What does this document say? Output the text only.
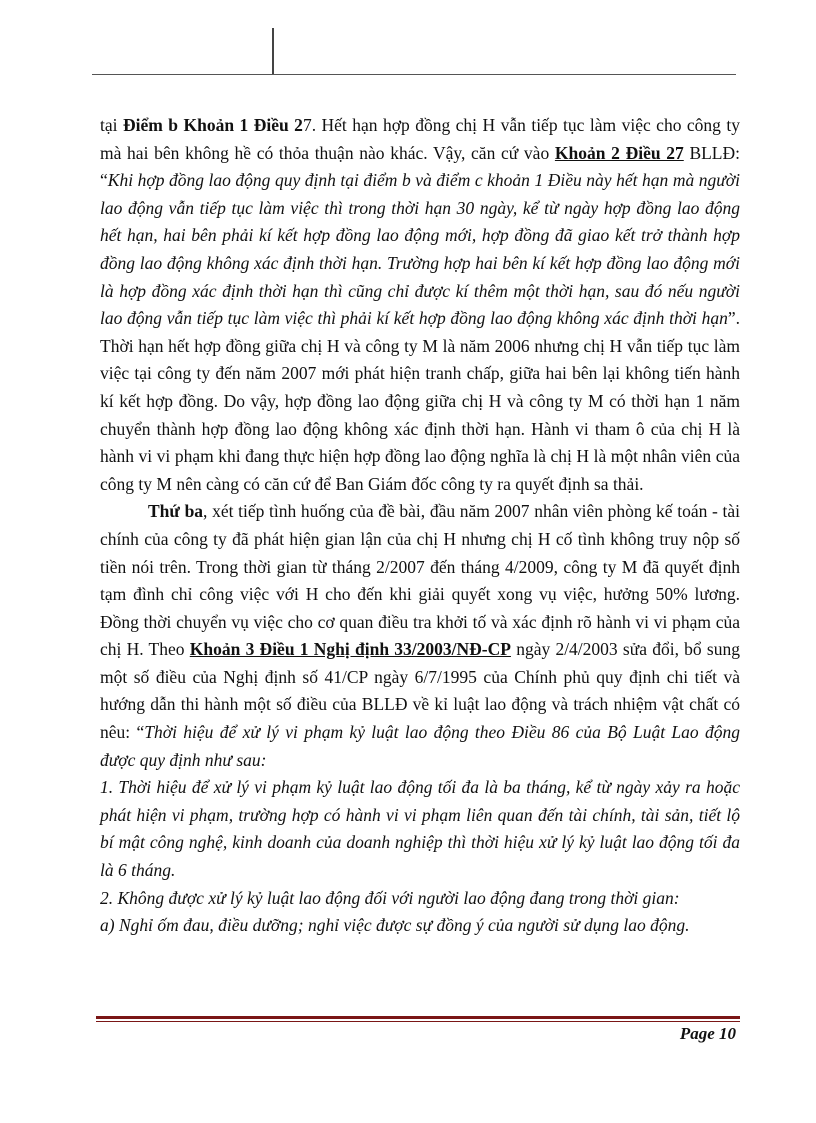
tại Điểm b Khoản 1 Điều 27. Hết hạn hợp đồng chị H vẫn tiếp tục làm việc cho công ty mà hai bên không hề có thỏa thuận nào khác. Vậy, căn cứ vào Khoản 2 Điều 27 BLLĐ: “Khi hợp đồng lao động quy định tại điểm b và điểm c khoản 1 Điều này hết hạn mà người lao động vẫn tiếp tục làm việc thì trong thời hạn 30 ngày, kể từ ngày hợp đồng lao động hết hạn, hai bên phải kí kết hợp đồng lao động mới, hợp đồng đã giao kết trở thành hợp đồng lao động không xác định thời hạn. Trường hợp hai bên kí kết hợp đồng lao động mới là hợp đồng xác định thời hạn thì cũng chỉ được kí thêm một thời hạn, sau đó nếu người lao động vẫn tiếp tục làm việc thì phải kí kết hợp đồng lao động không xác định thời hạn”. Thời hạn hết hợp đồng giữa chị H và công ty M là năm 2006 nhưng chị H vẫn tiếp tục làm việc tại công ty đến năm 2007 mới phát hiện tranh chấp, giữa hai bên lại không tiến hành kí kết hợp đồng. Do vậy, hợp đồng lao động giữa chị H và công ty M có thời hạn 1 năm chuyển thành hợp đồng lao động không xác định thời hạn. Hành vi tham ô của chị H là hành vi vi phạm khi đang thực hiện hợp đồng lao động nghĩa là chị H là một nhân viên của công ty M nên càng có căn cứ để Ban Giám đốc công ty ra quyết định sa thải.

Thứ ba, xét tiếp tình huống của đề bài, đầu năm 2007 nhân viên phòng kế toán - tài chính của công ty đã phát hiện gian lận của chị H nhưng chị H cố tình không truy nộp số tiền nói trên. Trong thời gian từ tháng 2/2007 đến tháng 4/2009, công ty M đã quyết định tạm đình chỉ công việc với H cho đến khi giải quyết xong vụ việc, hưởng 50% lương. Đồng thời chuyển vụ việc cho cơ quan điều tra khởi tố và xác định rõ hành vi vi phạm của chị H. Theo Khoản 3 Điều 1 Nghị định 33/2003/NĐ-CP ngày 2/4/2003 sửa đổi, bổ sung một số điều của Nghị định số 41/CP ngày 6/7/1995 của Chính phủ quy định chi tiết và hướng dẫn thi hành một số điều của BLLĐ về kỉ luật lao động và trách nhiệm vật chất có nêu: “Thời hiệu để xử lý vi phạm kỷ luật lao động theo Điều 86 của Bộ Luật Lao động được quy định như sau:

1. Thời hiệu để xử lý vi phạm kỷ luật lao động tối đa là ba tháng, kể từ ngày xảy ra hoặc phát hiện vi phạm, trường hợp có hành vi vi phạm liên quan đến tài chính, tài sản, tiết lộ bí mật công nghệ, kinh doanh của doanh nghiệp thì thời hiệu xử lý kỷ luật lao động tối đa là 6 tháng.

2. Không được xử lý kỷ luật lao động đối với người lao động đang trong thời gian:

a) Nghỉ ốm đau, điều dưỡng; nghỉ việc được sự đồng ý của người sử dụng lao động.

Page 10
